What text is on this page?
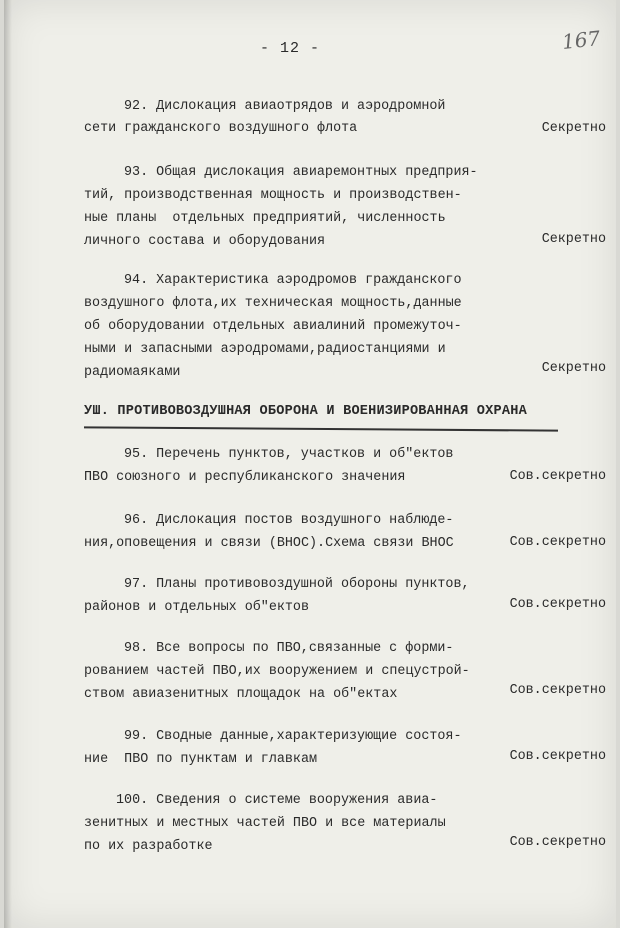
- 12 -	167
92. Дислокация авиаотрядов и аэродромной
сети гражданского воздушного флота	Секретно
93. Общая дислокация авиаремонтных предприя-
тий, производственная мощность и производствен-
ные планы  отдельных предприятий, численность
личного состава и оборудования	Секретно
94. Характеристика аэродромов гражданского
воздушного флота,их техническая мощность,данные
об оборудовании отдельных авиалиний промежуточ-
ными и запасными аэродромами,радиостанциями и
радиомаяками	Секретно
УШ. ПРОТИВОВОЗДУШНАЯ ОБОРОНА И ВОЕНИЗИРОВАННАЯ ОХРАНА
95. Перечень пунктов, участков и об"ектов
ПВО союзного и республиканского значения	Сов.секретно
96. Дислокация постов воздушного наблюде-
ния,оповещения и связи (ВНОС).Схема связи ВНОС	Сов.секретно
97. Планы противовоздушной обороны пунктов,
районов и отдельных об"ектов	Сов.секретно
98. Все вопросы по ПВО,связанные с форми-
рованием частей ПВО,их вооружением и спецустрой-
ством авиазенитных площадок на об"ектах	Сов.секретно
99. Сводные данные,характеризующие состоя-
ние  ПВО по пунктам и главкам	Сов.секретно
100. Сведения о системе вооружения авиа-
зенитных и местных частей ПВО и все материалы
по их разработке	Сов.секретно
